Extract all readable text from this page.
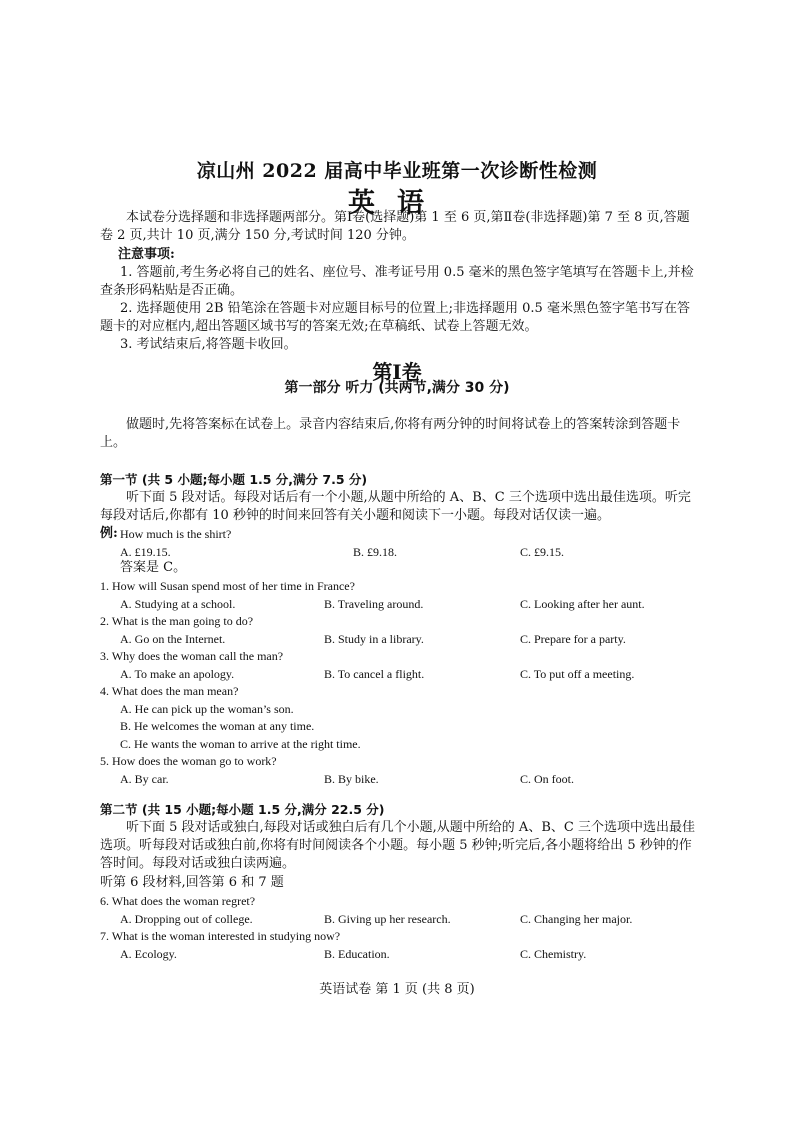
凉山州 2022 届高中毕业班第一次诊断性检测
英语
本试卷分选择题和非选择题两部分。第Ⅰ卷(选择题)第 1 至 6 页,第Ⅱ卷(非选择题)第 7 至 8 页,答题卷 2 页,共计 10 页,满分 150 分,考试时间 120 分钟。
注意事项:
1. 答题前,考生务必将自己的姓名、座位号、准考证号用 0.5 毫米的黑色签字笔填写在答题卡上,并检查条形码粘贴是否正确。
2. 选择题使用 2B 铅笔涂在答题卡对应题目标号的位置上;非选择题用 0.5 毫米黑色签字笔书写在答题卡的对应框内,超出答题区域书写的答案无效;在草稿纸、试卷上答题无效。
3. 考试结束后,将答题卡收回。
第Ⅰ卷
第一部分 听力 (共两节,满分 30 分)
做题时,先将答案标在试卷上。录音内容结束后,你将有两分钟的时间将试卷上的答案转涂到答题卡上。
第一节 (共 5 小题;每小题 1.5 分,满分 7.5 分)
听下面 5 段对话。每段对话后有一个小题,从题中所给的 A、B、C 三个选项中选出最佳选项。听完每段对话后,你都有 10 秒钟的时间来回答有关小题和阅读下一小题。每段对话仅读一遍。
例: How much is the shirt?
A. £19.15.	B. £9.18.	C. £9.15.
答案是 C。
1. How will Susan spend most of her time in France?
A. Studying at a school.	B. Traveling around.	C. Looking after her aunt.
2. What is the man going to do?
A. Go on the Internet.	B. Study in a library.	C. Prepare for a party.
3. Why does the woman call the man?
A. To make an apology.	B. To cancel a flight.	C. To put off a meeting.
4. What does the man mean?
A. He can pick up the woman’s son.
B. He welcomes the woman at any time.
C. He wants the woman to arrive at the right time.
5. How does the woman go to work?
A. By car.	B. By bike.	C. On foot.
第二节 (共 15 小题;每小题 1.5 分,满分 22.5 分)
听下面 5 段对话或独白,每段对话或独白后有几个小题,从题中所给的 A、B、C 三个选项中选出最佳选项。听每段对话或独白前,你将有时间阅读各个小题。每小题 5 秒钟;听完后,各小题将给出 5 秒钟的作答时间。每段对话或独白读两遍。
听第 6 段材料,回答第 6 和 7 题
6. What does the woman regret?
A. Dropping out of college.	B. Giving up her research.	C. Changing her major.
7. What is the woman interested in studying now?
A. Ecology.	B. Education.	C. Chemistry.
英语试卷 第 1 页 (共 8 页)
